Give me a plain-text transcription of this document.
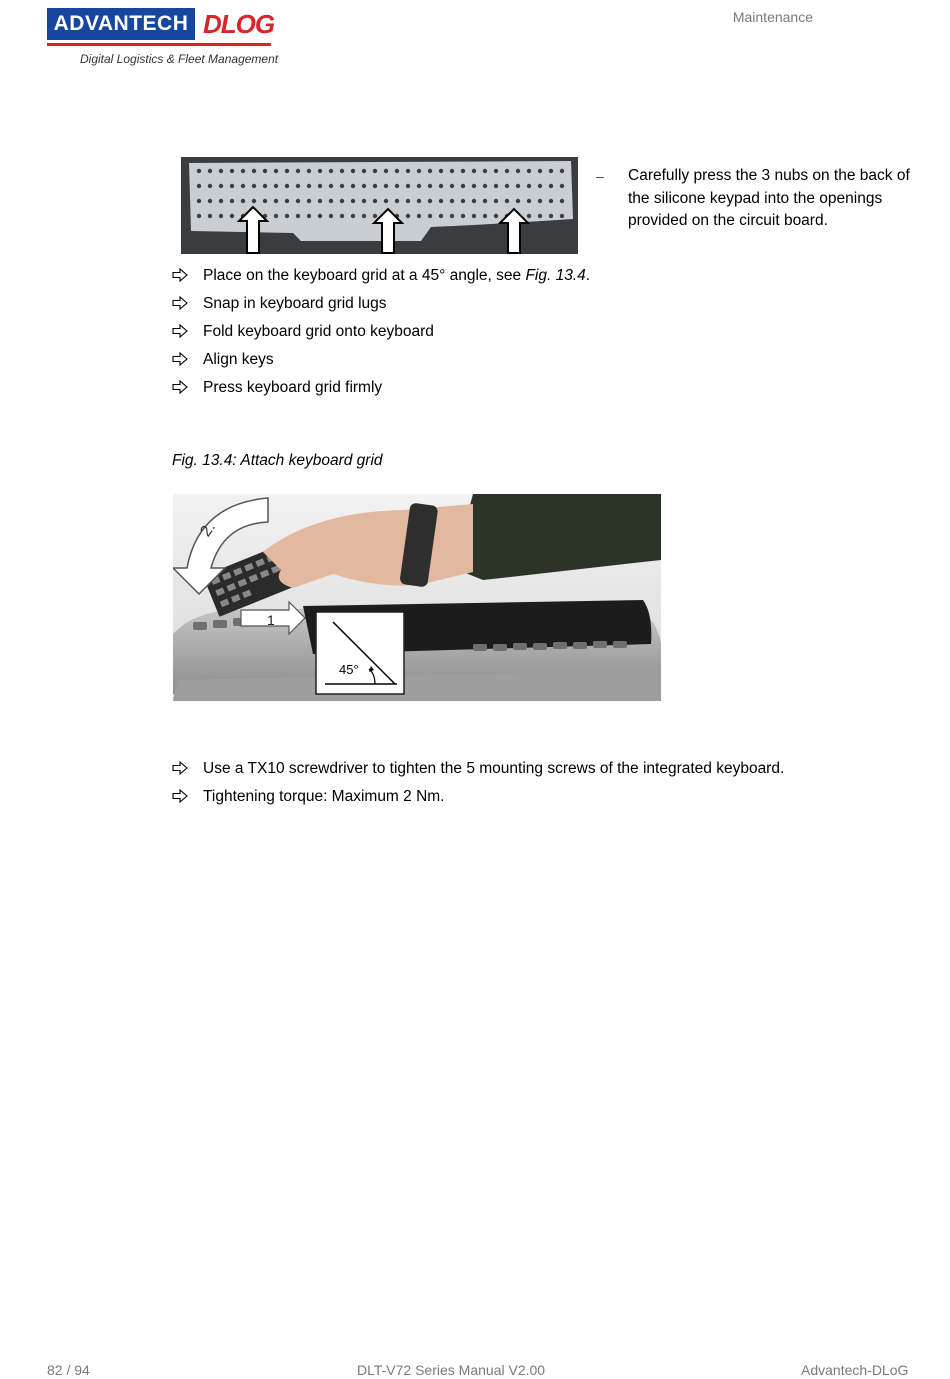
ADVANTECH DLOG
Digital Logistics & Fleet Management
Maintenance
– Carefully press the 3 nubs on the back of the silicone keypad into the openings provided on the circuit board.
Place on the keyboard grid at a 45° angle, see Fig. 13.4.
Snap in keyboard grid lugs
Fold keyboard grid onto keyboard
Align keys
Press keyboard grid firmly
Fig. 13.4: Attach keyboard grid
2.
1
45°
Use a TX10 screwdriver to tighten the 5 mounting screws of the integrated keyboard.
Tightening torque: Maximum 2 Nm.
82 / 94	DLT-V72 Series Manual V2.00	Advantech-DLoG
